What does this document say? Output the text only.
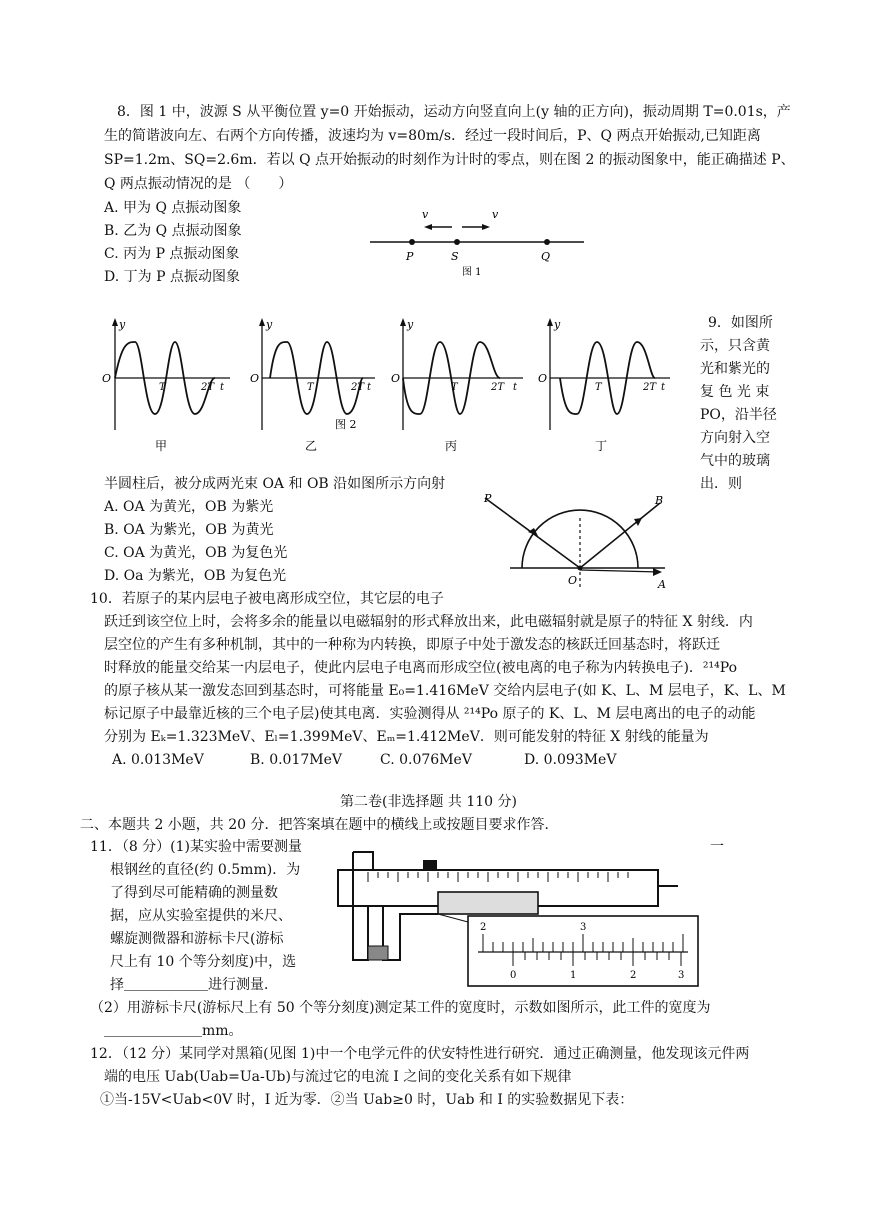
8．图 1 中，波源 S 从平衡位置 y=0 开始振动，运动方向竖直向上(y 轴的正方向)，振动周期 T=0.01s，产
生的简谐波向左、右两个方向传播，波速均为 v=80m/s．经过一段时间后，P、Q 两点开始振动,已知距离
SP=1.2m、SQ=2.6m．若以 Q 点开始振动的时刻作为计时的零点，则在图 2 的振动图象中，能正确描述 P、
Q 两点振动情况的是 （　　）
A. 甲为 Q 点振动图象
B. 乙为 Q 点振动图象
C. 丙为 P 点振动图象
D. 丁为 P 点振动图象
v	v
P	S	Q
图 1
y
O
T	2T t
甲
y
O
T	2T t
乙
y
O
T	2T t
丙
图 2
y
O
T	2T t
丁
9．如图所
示，只含黄
光和紫光的
复 色 光 束
PO，沿半径
方向射入空
气中的玻璃
半圆柱后，被分成两光束 OA 和 OB 沿如图所示方向射	出．则
A. OA 为黄光，OB 为紫光
B. OA 为紫光，OB 为黄光
C. OA 为黄光，OB 为复色光
D. Oa 为紫光，OB 为复色光
P	B
O	A
10．若原子的某内层电子被电离形成空位，其它层的电子
跃迁到该空位上时，会将多余的能量以电磁辐射的形式释放出来，此电磁辐射就是原子的特征 X 射线．内
层空位的产生有多种机制，其中的一种称为内转换，即原子中处于激发态的核跃迁回基态时，将跃迁
时释放的能量交给某一内层电子，使此内层电子电离而形成空位(被电离的电子称为内转换电子)．²¹⁴Po
的原子核从某一激发态回到基态时，可将能量 E₀=1.416MeV 交给内层电子(如 K、L、M 层电子，K、L、M
标记原子中最靠近核的三个电子层)使其电离．实验测得从 ²¹⁴Po 原子的 K、L、M 层电离出的电子的动能
分别为 Eₖ=1.323MeV、Eₗ=1.399MeV、Eₘ=1.412MeV．则可能发射的特征 X 射线的能量为
A. 0.013MeV	B. 0.017MeV	C. 0.076MeV	D. 0.093MeV
第二卷(非选择题 共 110 分)
二、本题共 2 小题，共 20 分．把答案填在题中的横线上或按题目要求作答．
11．（8 分）(1)某实验中需要测量	一
根钢丝的直径(约 0.5mm)．为
了得到尽可能精确的测量数
据，应从实验室提供的米尺、
螺旋测微器和游标卡尺(游标
尺上有 10 个等分刻度)中，选
择＿＿＿＿＿＿进行测量．
（2）用游标卡尺(游标尺上有 50 个等分刻度)测定某工件的宽度时，示数如图所示，此工件的宽度为
＿＿＿＿＿＿＿mm。
2	3
0	1	2	3
12．（12 分）某同学对黑箱(见图 1)中一个电学元件的伏安特性进行研究．通过正确测量，他发现该元件两
端的电压 Uab(Uab=Ua-Ub)与流过它的电流 I 之间的变化关系有如下规律
①当-15V<Uab<0V 时，I 近为零．②当 Uab≥0 时，Uab 和 I 的实验数据见下表：
